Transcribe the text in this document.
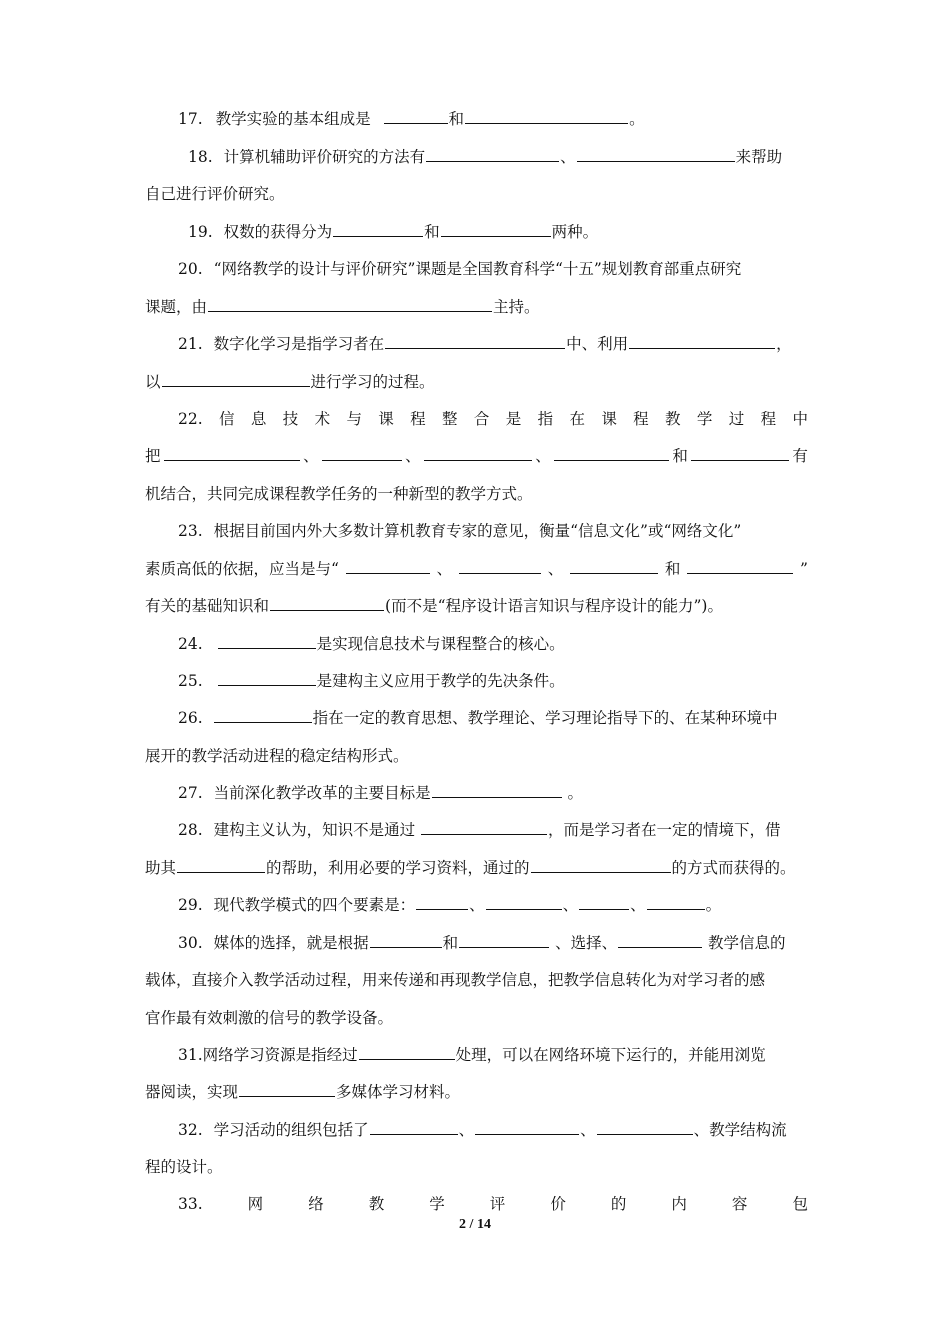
17. 教学实验的基本组成是	和	。
18. 计算机辅助评价研究的方法有	、	来帮助
自己进行评价研究。
19. 权数的获得分为	和	两种。
20. “网络教学的设计与评价研究”课题是全国教育科学“十五”规划教育部重点研究
课题，由	主持。
21. 数字化学习是指学习者在	中、利用	，
以	进行学习的过程。
22. 信 息 技 术 与 课 程 整 合 是 指 在 课 程 教 学 过 程 中
把	、	、	、	和	有
机结合，共同完成课程教学任务的一种新型的教学方式。
23. 根据目前国内外大多数计算机教育专家的意见，衡量“信息文化”或“网络文化”
素质高低的依据，应当是与“	、	、	和	”
有关的基础知识和	(而不是“程序设计语言知识与程序设计的能力”)。
24.	是实现信息技术与课程整合的核心。
25.	是建构主义应用于教学的先决条件。
26.	指在一定的教育思想、教学理论、学习理论指导下的、在某种环境中
展开的教学活动进程的稳定结构形式。
27. 当前深化教学改革的主要目标是	。
28. 建构主义认为，知识不是通过	，而是学习者在一定的情境下，借
助其	的帮助，利用必要的学习资料，通过的	的方式而获得的。
29. 现代教学模式的四个要素是：	、	、	、	。
30. 媒体的选择，就是根据	和	、选择、	教学信息的
载体，直接介入教学活动过程，用来传递和再现教学信息，把教学信息转化为对学习者的感
官作最有效刺激的信号的教学设备。
31.网络学习资源是指经过	处理，可以在网络环境下运行的，并能用浏览
器阅读，实现	多媒体学习材料。
32. 学习活动的组织包括了	、	、	、教学结构流
程的设计。
33.	网	络	教	学	评	价	的	内	容	包
2 / 14
